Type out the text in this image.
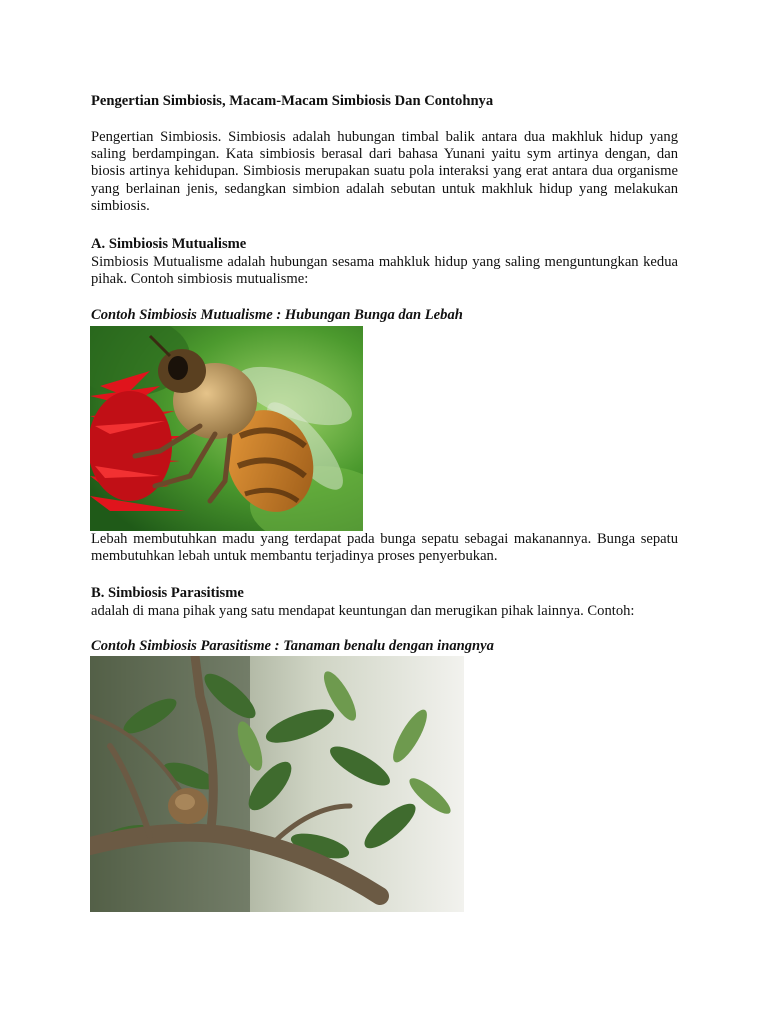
Pengertian Simbiosis, Macam-Macam Simbiosis Dan Contohnya
Pengertian Simbiosis. Simbiosis adalah hubungan timbal balik antara dua makhluk hidup yang saling berdampingan. Kata simbiosis berasal dari bahasa Yunani yaitu sym artinya dengan, dan biosis artinya kehidupan. Simbiosis merupakan suatu pola interaksi yang erat antara dua organisme yang berlainan jenis, sedangkan simbion adalah sebutan untuk makhluk hidup yang melakukan simbiosis.
A. Simbiosis Mutualisme
Simbiosis Mutualisme adalah hubungan sesama mahkluk hidup yang saling menguntungkan kedua pihak. Contoh simbiosis mutualisme:
Contoh Simbiosis Mutualisme : Hubungan Bunga dan Lebah
Lebah membutuhkan madu yang terdapat pada bunga sepatu sebagai makanannya. Bunga sepatu membutuhkan lebah untuk membantu terjadinya proses penyerbukan.
B. Simbiosis Parasitisme
adalah di mana pihak yang satu mendapat keuntungan dan merugikan pihak lainnya. Contoh:
Contoh Simbiosis Parasitisme : Tanaman benalu dengan inangnya
